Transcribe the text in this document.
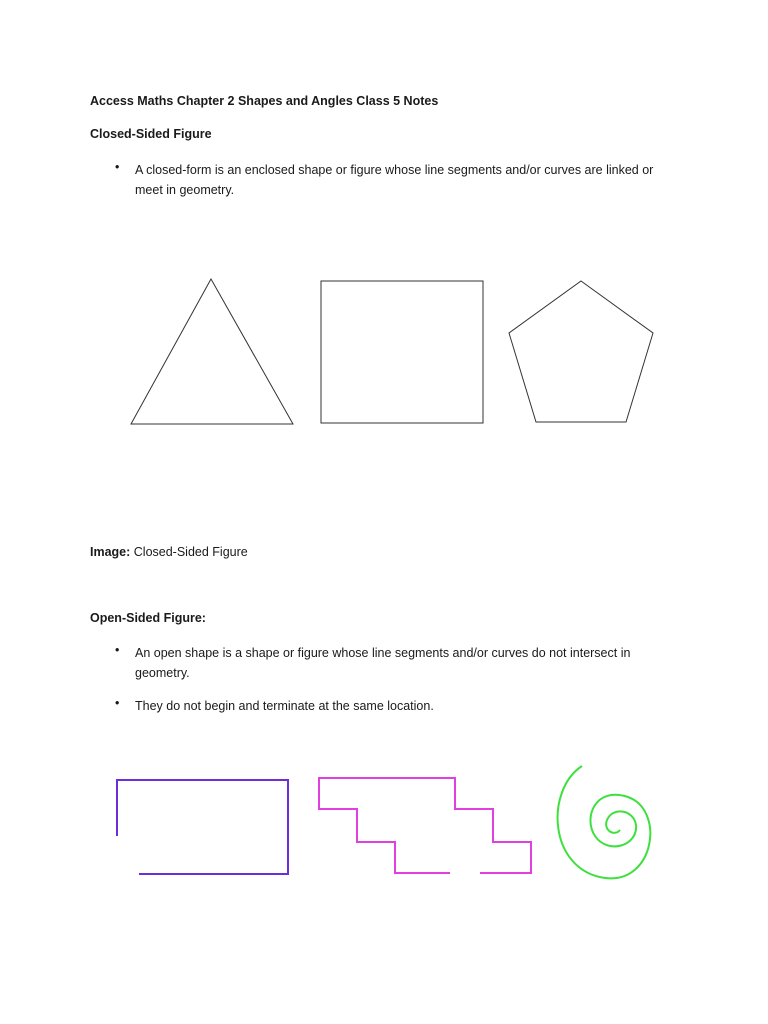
Access Maths Chapter 2 Shapes and Angles Class 5 Notes
Closed-Sided Figure
• A closed-form is an enclosed shape or figure whose line segments and/or curves are linked or meet in geometry.
Image: Closed-Sided Figure
Open-Sided Figure:
• An open shape is a shape or figure whose line segments and/or curves do not intersect in geometry.
• They do not begin and terminate at the same location.
